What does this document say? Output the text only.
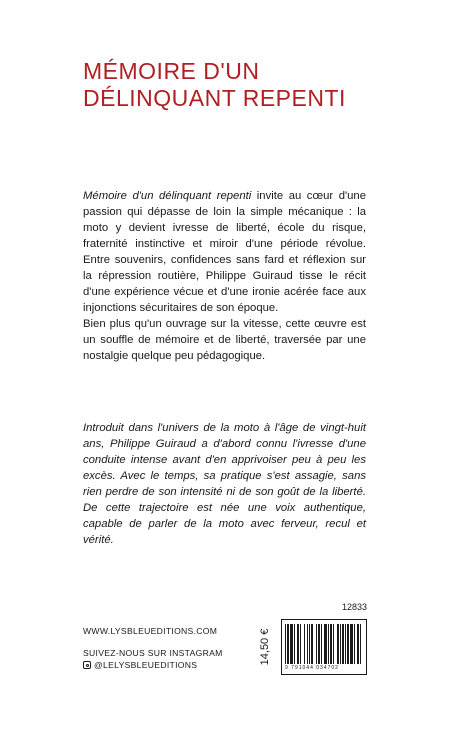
MÉMOIRE D'UN
DÉLINQUANT REPENTI

Mémoire d'un délinquant repenti invite au cœur d'une passion qui dépasse de loin la simple mécanique : la moto y devient ivresse de liberté, école du risque, fraternité instinctive et miroir d'une période révolue. Entre souvenirs, confidences sans fard et réflexion sur la répression routière, Philippe Guiraud tisse le récit d'une expérience vécue et d'une ironie acérée face aux injonctions sécuritaires de son époque.

Bien plus qu'un ouvrage sur la vitesse, cette œuvre est un souffle de mémoire et de liberté, traversée par une nostalgie quelque peu pédagogique.

Introduit dans l'univers de la moto à l'âge de vingt-huit ans, Philippe Guiraud a d'abord connu l'ivresse d'une conduite intense avant d'en apprivoiser peu à peu les excès. Avec le temps, sa pratique s'est assagie, sans rien perdre de son intensité ni de son goût de la liberté. De cette trajectoire est née une voix authentique, capable de parler de la moto avec ferveur, recul et vérité.
WWW.LYSBLEUEDITIONS.COM
SUIVEZ-NOUS SUR INSTAGRAM
@LELYSBLEUEDITIONS
12833
14,50 €
9 791044 034702
